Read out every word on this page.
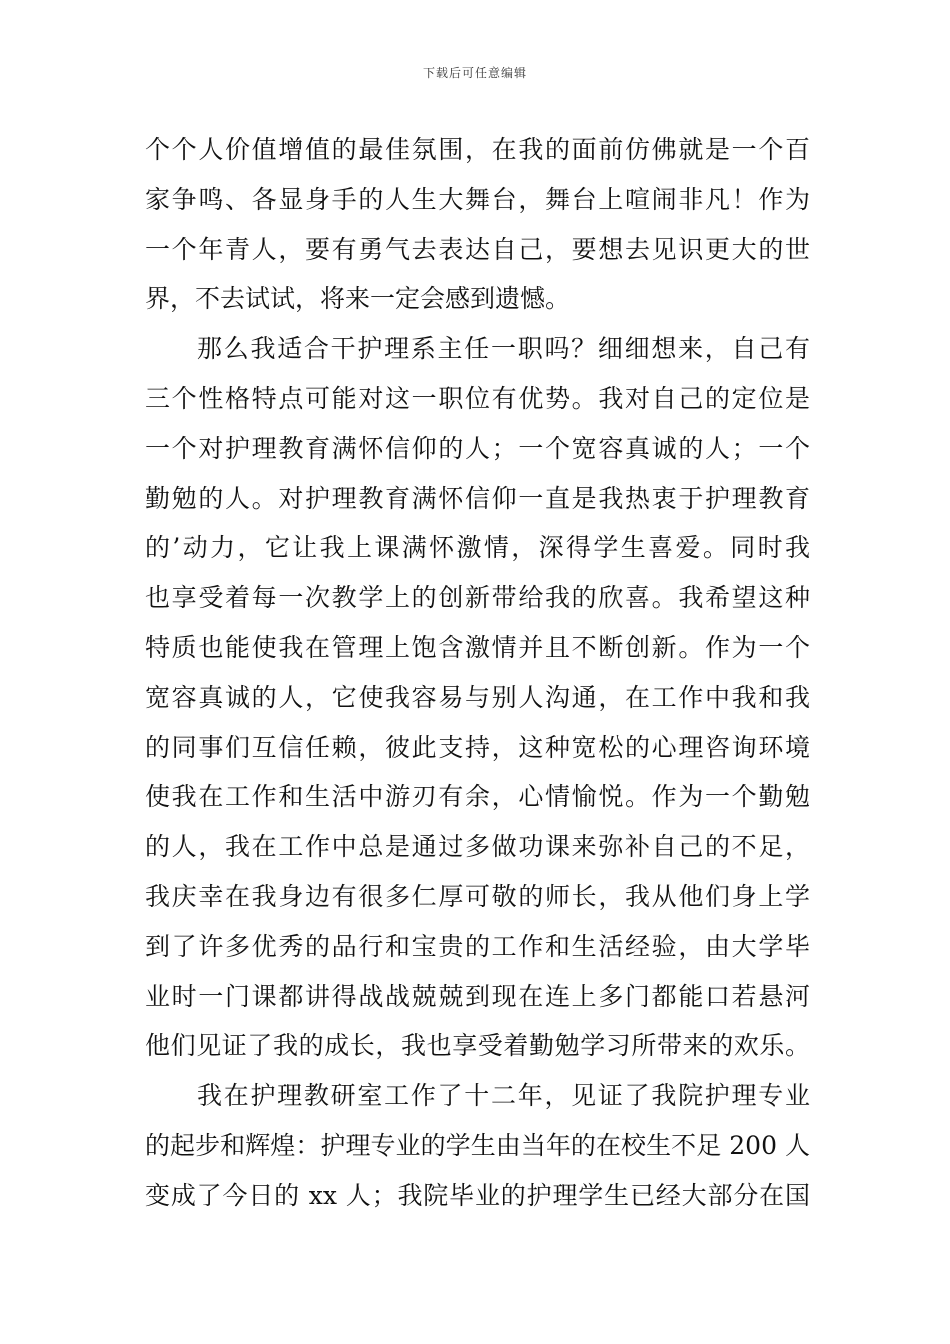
下载后可任意编辑
个个人价值增值的最佳氛围，在我的面前仿佛就是一个百
家争鸣、各显身手的人生大舞台，舞台上喧闹非凡！作为
一个年青人，要有勇气去表达自己，要想去见识更大的世
界，不去试试，将来一定会感到遗憾。
那么我适合干护理系主任一职吗？细细想来，自己有
三个性格特点可能对这一职位有优势。我对自己的定位是
一个对护理教育满怀信仰的人；一个宽容真诚的人；一个
勤勉的人。对护理教育满怀信仰一直是我热衷于护理教育
的’动力，它让我上课满怀激情，深得学生喜爱。同时我
也享受着每一次教学上的创新带给我的欣喜。我希望这种
特质也能使我在管理上饱含激情并且不断创新。作为一个
宽容真诚的人，它使我容易与别人沟通，在工作中我和我
的同事们互信任赖，彼此支持，这种宽松的心理咨询环境
使我在工作和生活中游刃有余，心情愉悦。作为一个勤勉
的人，我在工作中总是通过多做功课来弥补自己的不足，
我庆幸在我身边有很多仁厚可敬的师长，我从他们身上学
到了许多优秀的品行和宝贵的工作和生活经验，由大学毕
业时一门课都讲得战战兢兢到现在连上多门都能口若悬河
他们见证了我的成长，我也享受着勤勉学习所带来的欢乐。
我在护理教研室工作了十二年，见证了我院护理专业
的起步和辉煌：护理专业的学生由当年的在校生不足 200 人
变成了今日的 xx 人；我院毕业的护理学生已经大部分在国
